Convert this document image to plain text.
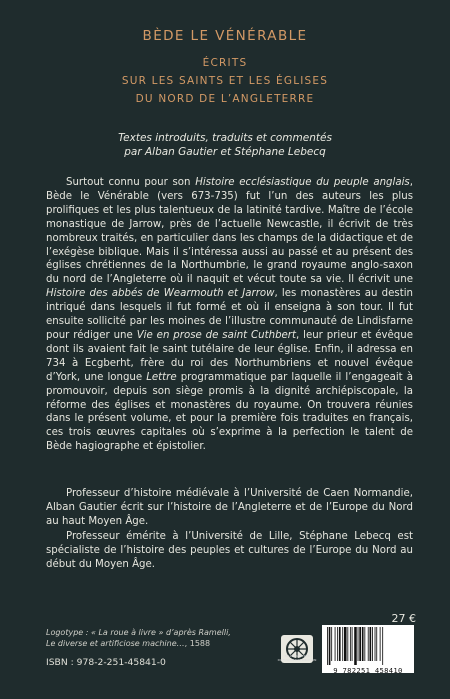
BÈDE LE VÉNÉRABLE
ÉCRITS
SUR LES SAINTS ET LES ÉGLISES
DU NORD DE L’ANGLETERRE
Textes introduits, traduits et commentés
par Alban Gautier et Stéphane Lebecq

Surtout connu pour son Histoire ecclésiastique du peuple anglais, Bède le Vénérable (vers 673-735) fut l’un des auteurs les plus prolifiques et les plus talentueux de la latinité tardive. Maître de l’école monastique de Jarrow, près de l’actuelle Newcastle, il écrivit de très nombreux traités, en particulier dans les champs de la didactique et de l’exégèse biblique. Mais il s’intéressa aussi au passé et au présent des églises chrétiennes de la Northumbrie, le grand royaume anglo-saxon du nord de l’Angleterre où il naquit et vécut toute sa vie. Il écrivit une Histoire des abbés de Wearmouth et Jarrow, les monastères au destin intriqué dans lesquels il fut formé et où il enseigna à son tour. Il fut ensuite sollicité par les moines de l’illustre communauté de Lindisfarne pour rédiger une Vie en prose de saint Cuthbert, leur prieur et évêque dont ils avaient fait le saint tutélaire de leur église. Enfin, il adressa en 734 à Ecgberht, frère du roi des Northumbriens et nouvel évêque d’York, une longue Lettre programmatique par laquelle il l’engageait à promouvoir, depuis son siège promis à la dignité archiépiscopale, la réforme des églises et monastères du royaume. On trouvera réunies dans le présent volume, et pour la première fois traduites en français, ces trois œuvres capitales où s’exprime à la perfection le talent de Bède hagiographe et épistolier.

Professeur d’histoire médiévale à l’Université de Caen Normandie, Alban Gautier écrit sur l’histoire de l’Angleterre et de l’Europe du Nord au haut Moyen Âge.

Professeur émérite à l’Université de Lille, Stéphane Lebecq est spécialiste de l’histoire des peuples et cultures de l’Europe du Nord au début du Moyen Âge.

27 €
Logotype : « La roue à livre » d’après Ramelli,
Le diverse et artificiose machine…, 1588
ISBN : 978-2-251-45841-0
BELLES LETTRES DIFFUSION DISTRIBUTION
9 782251 458410
